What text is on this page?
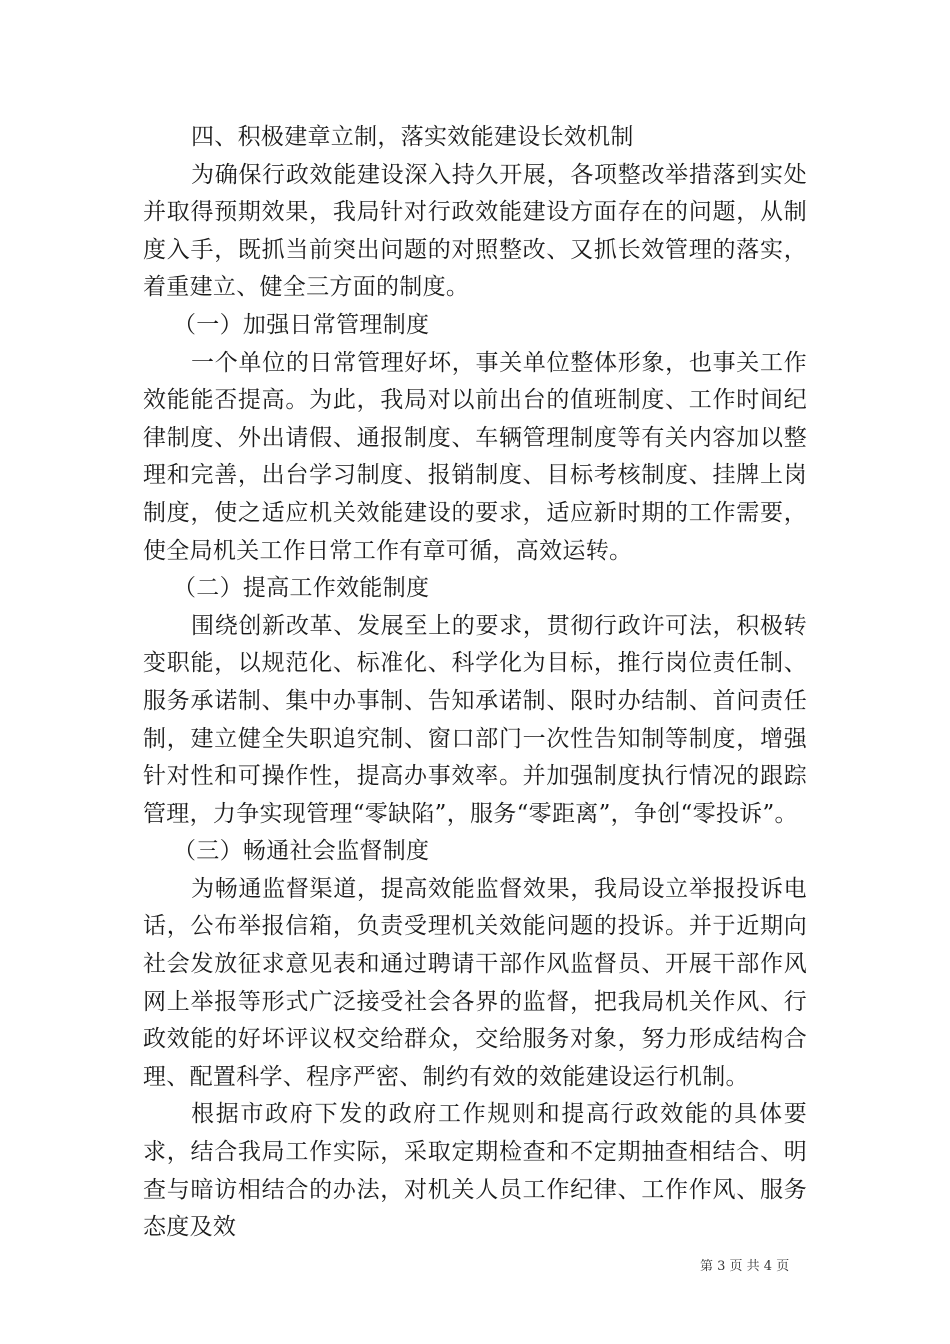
四、积极建章立制，落实效能建设长效机制

为确保行政效能建设深入持久开展，各项整改举措落到实处并取得预期效果，我局针对行政效能建设方面存在的问题，从制度入手，既抓当前突出问题的对照整改、又抓长效管理的落实，着重建立、健全三方面的制度。

（一）加强日常管理制度

一个单位的日常管理好坏，事关单位整体形象，也事关工作效能能否提高。为此，我局对以前出台的值班制度、工作时间纪律制度、外出请假、通报制度、车辆管理制度等有关内容加以整理和完善，出台学习制度、报销制度、目标考核制度、挂牌上岗制度，使之适应机关效能建设的要求，适应新时期的工作需要，使全局机关工作日常工作有章可循，高效运转。

（二）提高工作效能制度

围绕创新改革、发展至上的要求，贯彻行政许可法，积极转变职能，以规范化、标准化、科学化为目标，推行岗位责任制、服务承诺制、集中办事制、告知承诺制、限时办结制、首问责任制，建立健全失职追究制、窗口部门一次性告知制等制度，增强针对性和可操作性，提高办事效率。并加强制度执行情况的跟踪管理，力争实现管理“零缺陷”，服务“零距离”，争创“零投诉”。

（三）畅通社会监督制度

为畅通监督渠道，提高效能监督效果，我局设立举报投诉电话，公布举报信箱，负责受理机关效能问题的投诉。并于近期向社会发放征求意见表和通过聘请干部作风监督员、开展干部作风网上举报等形式广泛接受社会各界的监督，把我局机关作风、行政效能的好坏评议权交给群众，交给服务对象，努力形成结构合理、配置科学、程序严密、制约有效的效能建设运行机制。

根据市政府下发的政府工作规则和提高行政效能的具体要求，结合我局工作实际，采取定期检查和不定期抽查相结合、明查与暗访相结合的办法，对机关人员工作纪律、工作作风、服务态度及效

第 3 页 共 4 页
